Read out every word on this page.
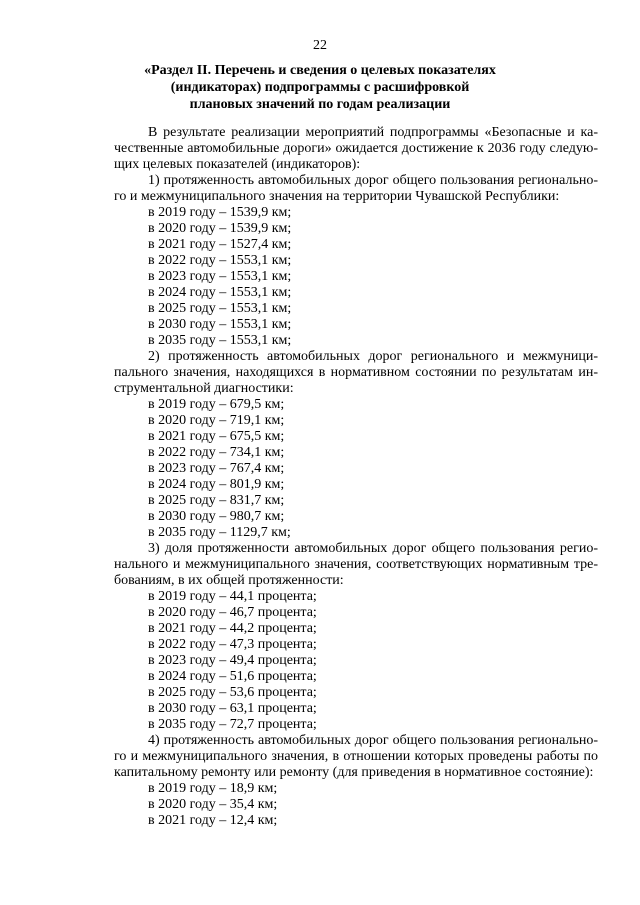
22
«Раздел II. Перечень и сведения о целевых показателях
(индикаторах) подпрограммы с расшифровкой
плановых значений по годам реализации
В результате реализации мероприятий подпрограммы «Безопасные и ка-
чественные автомобильные дороги» ожидается достижение к 2036 году следую-
щих целевых показателей (индикаторов):
1) протяженность автомобильных дорог общего пользования регионально-
го и межмуниципального значения на территории Чувашской Республики:
в 2019 году – 1539,9 км;
в 2020 году – 1539,9 км;
в 2021 году – 1527,4 км;
в 2022 году – 1553,1 км;
в 2023 году – 1553,1 км;
в 2024 году – 1553,1 км;
в 2025 году – 1553,1 км;
в 2030 году – 1553,1 км;
в 2035 году – 1553,1 км;
2) протяженность автомобильных дорог регионального и межмуници-
пального значения, находящихся в нормативном состоянии по результатам ин-
струментальной диагностики:
в 2019 году – 679,5 км;
в 2020 году – 719,1 км;
в 2021 году – 675,5 км;
в 2022 году – 734,1 км;
в 2023 году – 767,4 км;
в 2024 году – 801,9 км;
в 2025 году – 831,7 км;
в 2030 году – 980,7 км;
в 2035 году – 1129,7 км;
3) доля протяженности автомобильных дорог общего пользования регио-
нального и межмуниципального значения, соответствующих нормативным тре-
бованиям, в их общей протяженности:
в 2019 году – 44,1 процента;
в 2020 году – 46,7 процента;
в 2021 году – 44,2 процента;
в 2022 году – 47,3 процента;
в 2023 году – 49,4 процента;
в 2024 году – 51,6 процента;
в 2025 году – 53,6 процента;
в 2030 году – 63,1 процента;
в 2035 году – 72,7 процента;
4) протяженность автомобильных дорог общего пользования регионально-
го и межмуниципального значения, в отношении которых проведены работы по
капитальному ремонту или ремонту (для приведения в нормативное состояние):
в 2019 году – 18,9 км;
в 2020 году – 35,4 км;
в 2021 году – 12,4 км;
